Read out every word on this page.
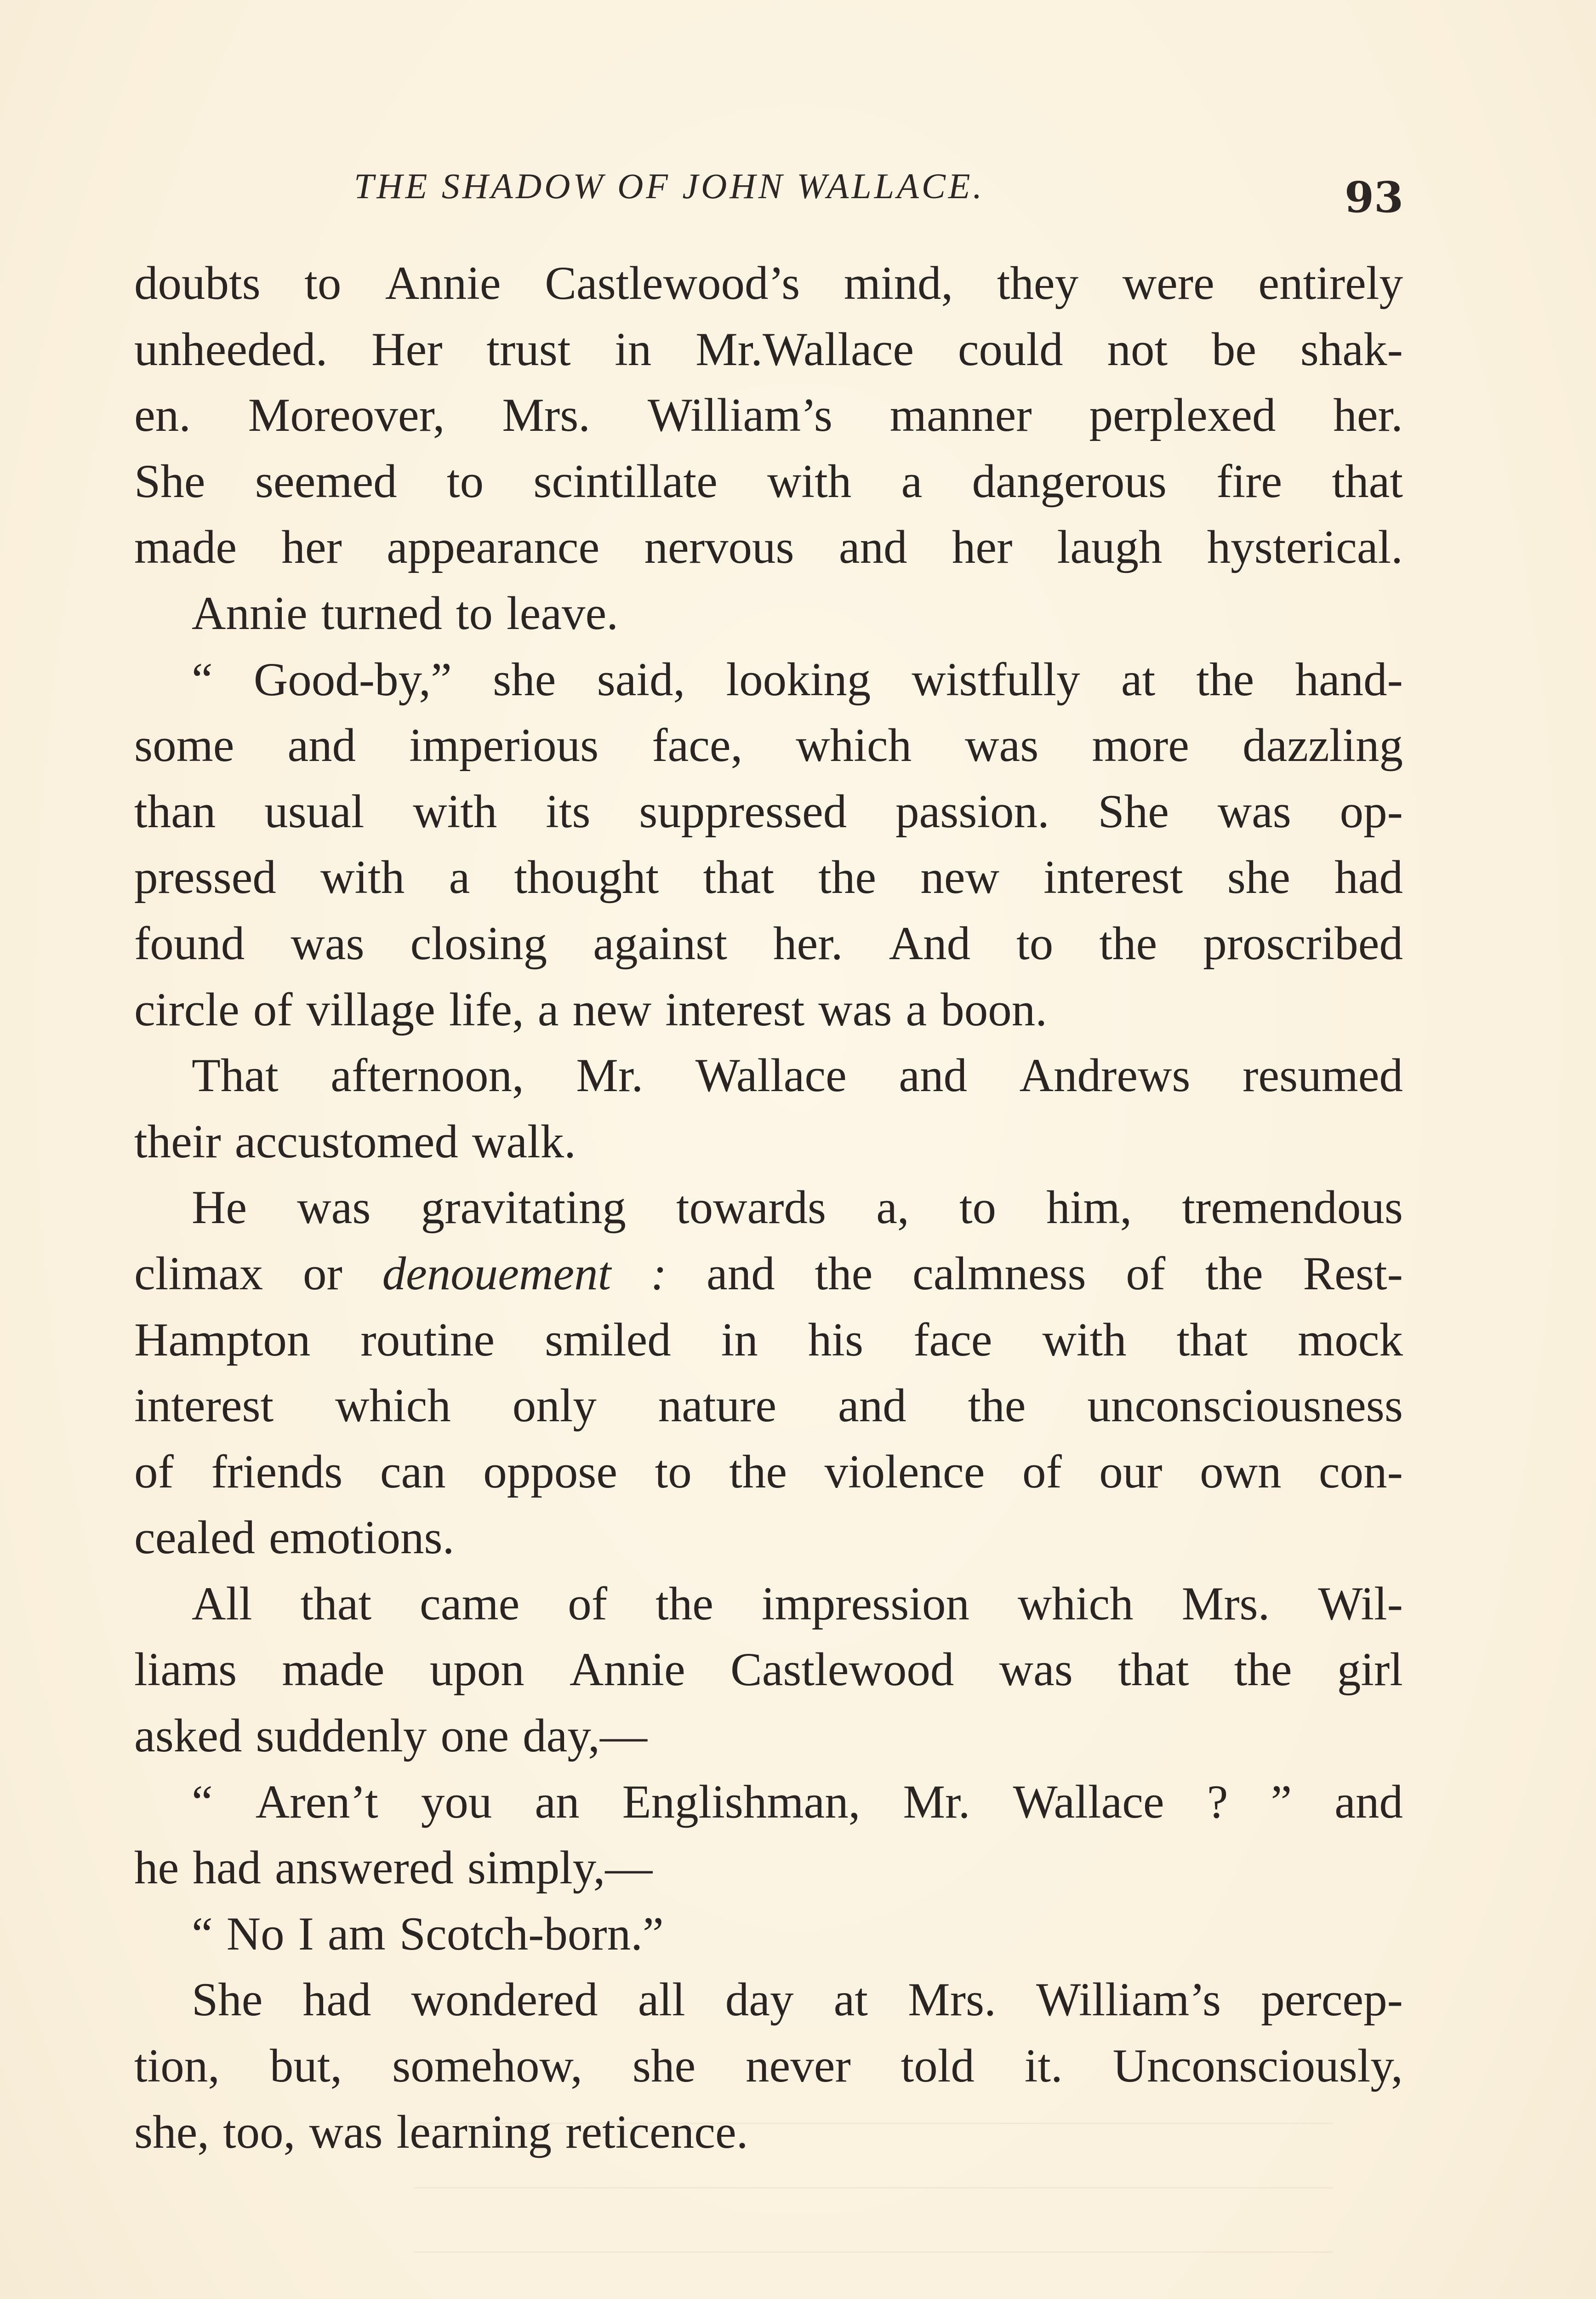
THE SHADOW OF JOHN WALLACE.	93
doubts to Annie Castlewood’s mind, they were entirely
unheeded. Her trust in Mr.Wallace could not be shak-
en. Moreover, Mrs. William’s manner perplexed her.
She seemed to scintillate with a dangerous fire that
made her appearance nervous and her laugh hysterical.
Annie turned to leave.
“ Good-by,” she said, looking wistfully at the hand-
some and imperious face, which was more dazzling
than usual with its suppressed passion. She was op-
pressed with a thought that the new interest she had
found was closing against her. And to the proscribed
circle of village life, a new interest was a boon.
That afternoon, Mr. Wallace and Andrews resumed
their accustomed walk.
He was gravitating towards a, to him, tremendous
climax or denouement : and the calmness of the Rest-
Hampton routine smiled in his face with that mock
interest which only nature and the unconsciousness
of friends can oppose to the violence of our own con-
cealed emotions.
All that came of the impression which Mrs. Wil-
liams made upon Annie Castlewood was that the girl
asked suddenly one day,—
“ Aren’t you an Englishman, Mr. Wallace ? ” and
he had answered simply,—
“ No I am Scotch-born.”
She had wondered all day at Mrs. William’s percep-
tion, but, somehow, she never told it. Unconsciously,
she, too, was learning reticence.
